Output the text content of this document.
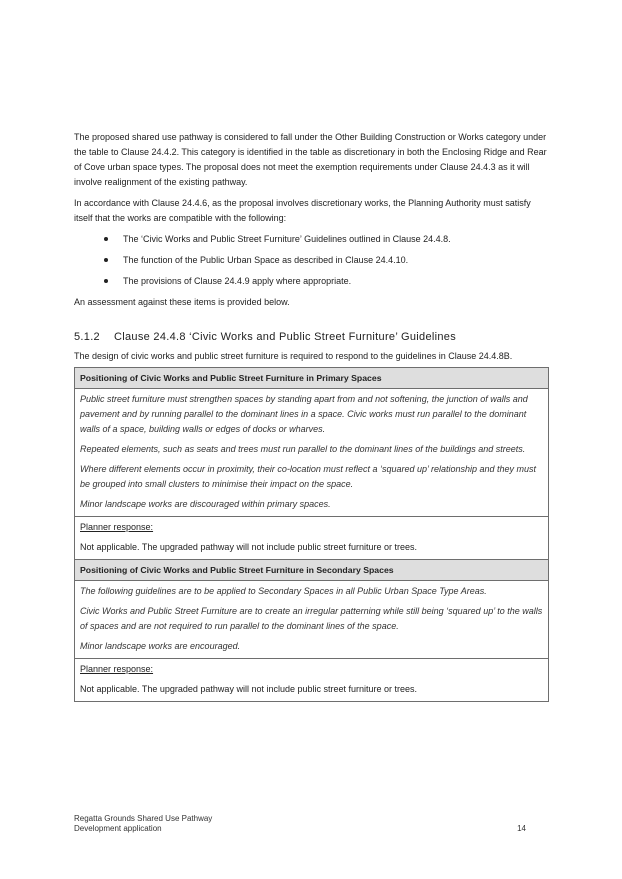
The proposed shared use pathway is considered to fall under the Other Building Construction or Works category under the table to Clause 24.4.2. This category is identified in the table as discretionary in both the Enclosing Ridge and Rear of Cove urban space types. The proposal does not meet the exemption requirements under Clause 24.4.3 as it will involve realignment of the existing pathway.

In accordance with Clause 24.4.6, as the proposal involves discretionary works, the Planning Authority must satisfy itself that the works are compatible with the following:

The ‘Civic Works and Public Street Furniture’ Guidelines outlined in Clause 24.4.8.
The function of the Public Urban Space as described in Clause 24.4.10.
The provisions of Clause 24.4.9 apply where appropriate.

An assessment against these items is provided below.

5.1.2 Clause 24.4.8 ‘Civic Works and Public Street Furniture’ Guidelines

The design of civic works and public street furniture is required to respond to the guidelines in Clause 24.4.8B.

Positioning of Civic Works and Public Street Furniture in Primary Spaces

Public street furniture must strengthen spaces by standing apart from and not softening, the junction of walls and pavement and by running parallel to the dominant lines in a space. Civic works must run parallel to the dominant walls of a space, building walls or edges of docks or wharves.

Repeated elements, such as seats and trees must run parallel to the dominant lines of the buildings and streets.

Where different elements occur in proximity, their co-location must reflect a ‘squared up’ relationship and they must be grouped into small clusters to minimise their impact on the space.

Minor landscape works are discouraged within primary spaces.

Planner response:

Not applicable. The upgraded pathway will not include public street furniture or trees.

Positioning of Civic Works and Public Street Furniture in Secondary Spaces

The following guidelines are to be applied to Secondary Spaces in all Public Urban Space Type Areas.

Civic Works and Public Street Furniture are to create an irregular patterning while still being ‘squared up’ to the walls of spaces and are not required to run parallel to the dominant lines of the space.

Minor landscape works are encouraged.

Planner response:

Not applicable. The upgraded pathway will not include public street furniture or trees.

Regatta Grounds Shared Use Pathway
Development application	14
